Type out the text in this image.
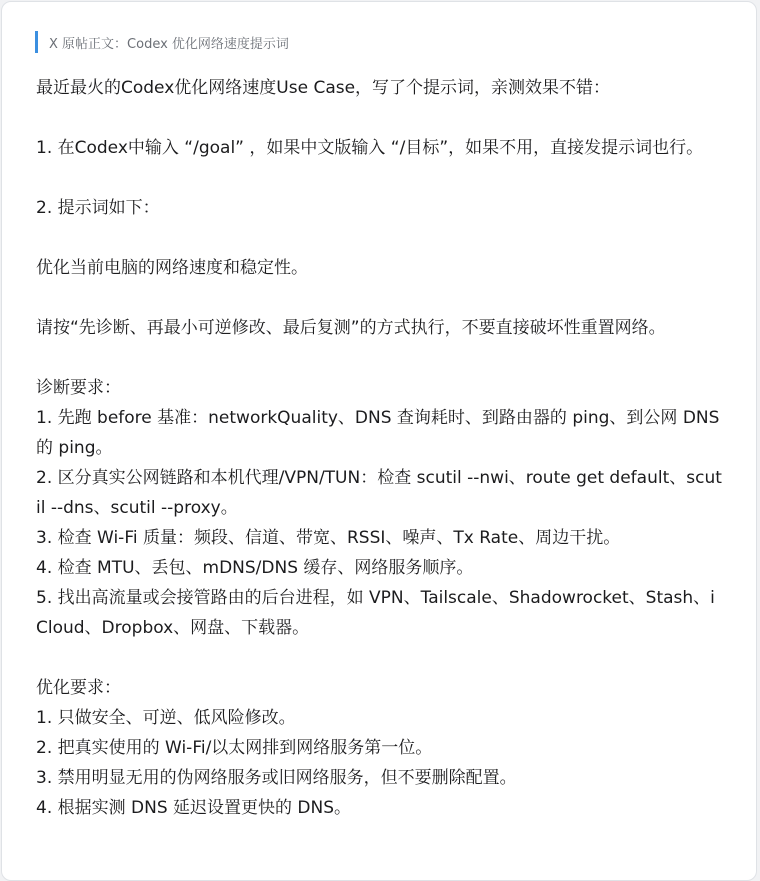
X 原帖正文：Codex 优化网络速度提示词

最近最火的Codex优化网络速度Use Case，写了个提示词，亲测效果不错：

1. 在Codex中输入 “/goal” ，如果中文版输入 “/目标”，如果不用，直接发提示词也行。

2. 提示词如下：

优化当前电脑的网络速度和稳定性。

请按“先诊断、再最小可逆修改、最后复测”的方式执行，不要直接破坏性重置网络。

诊断要求：

1. 先跑 before 基准：networkQuality、DNS 查询耗时、到路由器的 ping、到公网 DNS 的 ping。

2. 区分真实公网链路和本机代理/VPN/TUN：检查 scutil --nwi、route get default、scutil --dns、scutil --proxy。

3. 检查 Wi-Fi 质量：频段、信道、带宽、RSSI、噪声、Tx Rate、周边干扰。

4. 检查 MTU、丢包、mDNS/DNS 缓存、网络服务顺序。

5. 找出高流量或会接管路由的后台进程，如 VPN、Tailscale、Shadowrocket、Stash、iCloud、Dropbox、网盘、下载器。

优化要求：

1. 只做安全、可逆、低风险修改。

2. 把真实使用的 Wi-Fi/以太网排到网络服务第一位。

3. 禁用明显无用的伪网络服务或旧网络服务，但不要删除配置。

4. 根据实测 DNS 延迟设置更快的 DNS。
